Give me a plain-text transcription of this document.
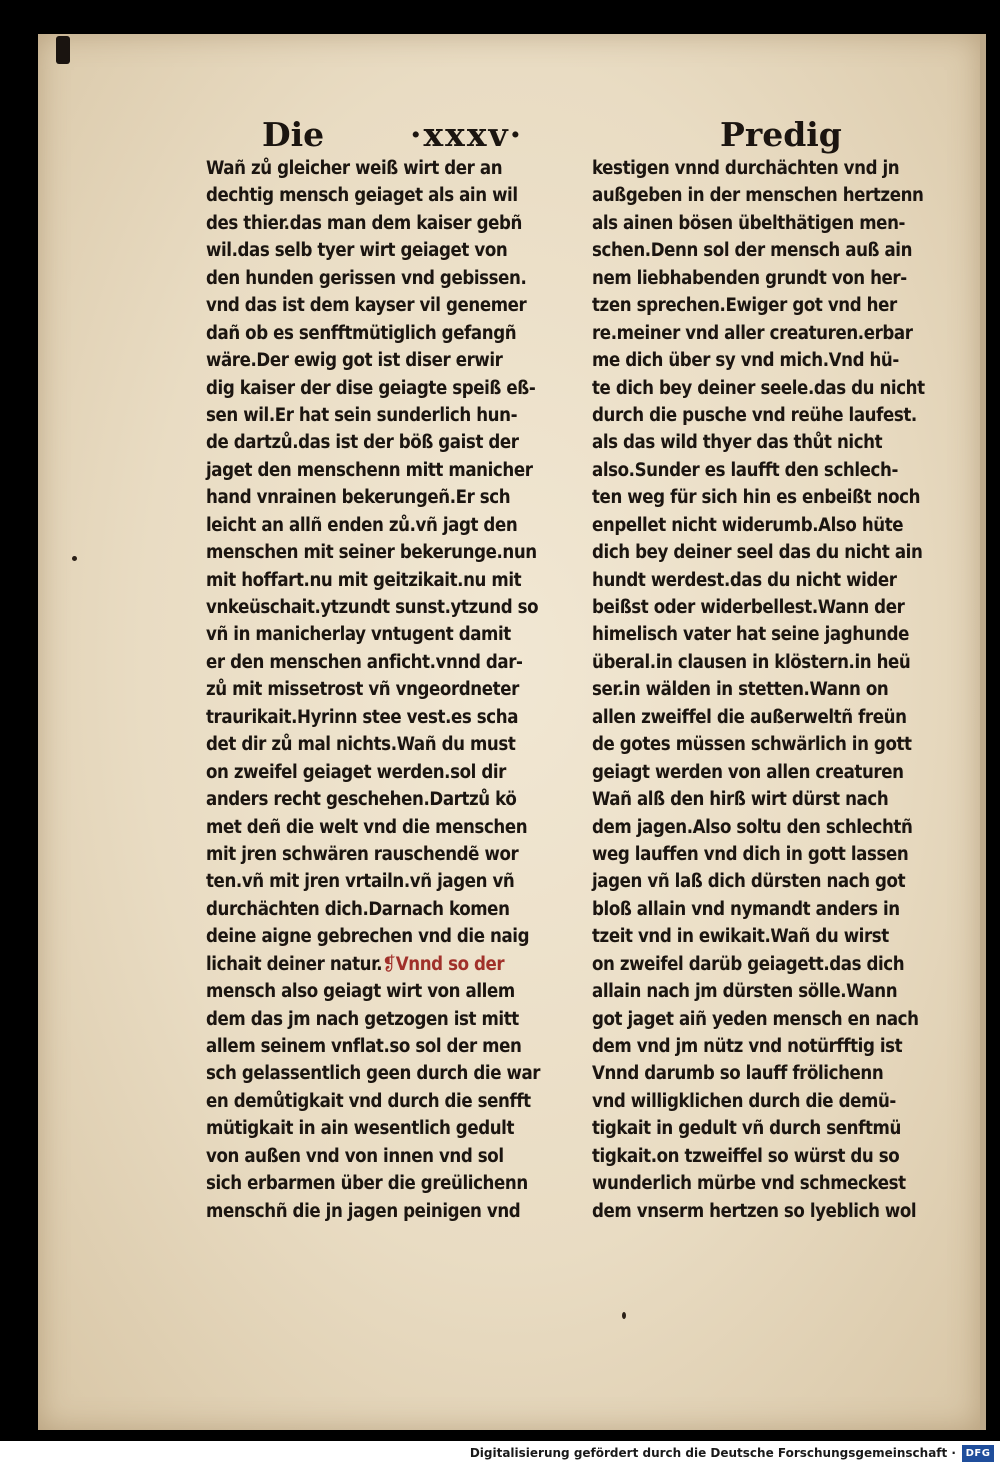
Die	·xxxv·	Predig
Wañ zů gleicher weiß wirt der an
dechtig mensch geiaget als ain wil
des thier.das man dem kaiser gebñ
wil.das selb tyer wirt geiaget von
den hunden gerissen vnd gebissen.
vnd das ist dem kayser vil genemer
dañ ob es senfftmütiglich gefangñ
wäre.Der ewig got ist diser erwir
dig kaiser der dise geiagte speiß eß-
sen wil.Er hat sein sunderlich hun-
de dartzů.das ist der böß gaist der
jaget den menschenn mitt manicher
hand vnrainen bekerungeñ.Er sch
leicht an allñ enden zů.vñ jagt den
menschen mit seiner bekerunge.nun
mit hoffart.nu mit geitzikait.nu mit
vnkeüschait.ytzundt sunst.ytzund so
vñ in manicherlay vntugent damit
er den menschen anficht.vnnd dar-
zů mit missetrost vñ vngeordneter
traurikait.Hyrinn stee vest.es scha
det dir zů mal nichts.Wañ du must
on zweifel geiaget werden.sol dir
anders recht geschehen.Dartzů kö
met deñ die welt vnd die menschen
mit jren schwären rauschendẽ wor
ten.vñ mit jren vrtailn.vñ jagen vñ
durchächten dich.Darnach komen
deine aigne gebrechen vnd die naig
lichait deiner natur.❡Vnnd so der
mensch also geiagt wirt von allem
dem das jm nach getzogen ist mitt
allem seinem vnflat.so sol der men
sch gelassentlich geen durch die war
en demůtigkait vnd durch die senfft
mütigkait in ain wesentlich gedult
von außen vnd von innen vnd sol
sich erbarmen über die greülichenn
menschñ die jn jagen peinigen vnd
kestigen vnnd durchächten vnd jn
außgeben in der menschen hertzenn
als ainen bösen übelthätigen men-
schen.Denn sol der mensch auß ain
nem liebhabenden grundt von her-
tzen sprechen.Ewiger got vnd her
re.meiner vnd aller creaturen.erbar
me dich über sy vnd mich.Vnd hü-
te dich bey deiner seele.das du nicht
durch die pusche vnd reühe laufest.
als das wild thyer das thůt nicht
also.Sunder es laufft den schlech-
ten weg für sich hin es enbeißt noch
enpellet nicht widerumb.Also hüte
dich bey deiner seel das du nicht ain
hundt werdest.das du nicht wider
beißst oder widerbellest.Wann der
himelisch vater hat seine jaghunde
überal.in clausen in klöstern.in heü
ser.in wälden in stetten.Wann on
allen zweiffel die außerweltñ freün
de gotes müssen schwärlich in gott
geiagt werden von allen creaturen
Wañ alß den hirß wirt dürst nach
dem jagen.Also soltu den schlechtñ
weg lauffen vnd dich in gott lassen
jagen vñ laß dich dürsten nach got
bloß allain vnd nymandt anders in
tzeit vnd in ewikait.Wañ du wirst
on zweifel darüb geiagett.das dich
allain nach jm dürsten sölle.Wann
got jaget aiñ yeden mensch en nach
dem vnd jm nütz vnd notürfftig ist
Vnnd darumb so lauff frölichenn
vnd willigklichen durch die demü-
tigkait in gedult vñ durch senftmü
tigkait.on tzweiffel so würst du so
wunderlich mürbe vnd schmeckest
dem vnserm hertzen so lyeblich wol
Digitalisierung gefördert durch die Deutsche Forschungsgemeinschaft · DFG
